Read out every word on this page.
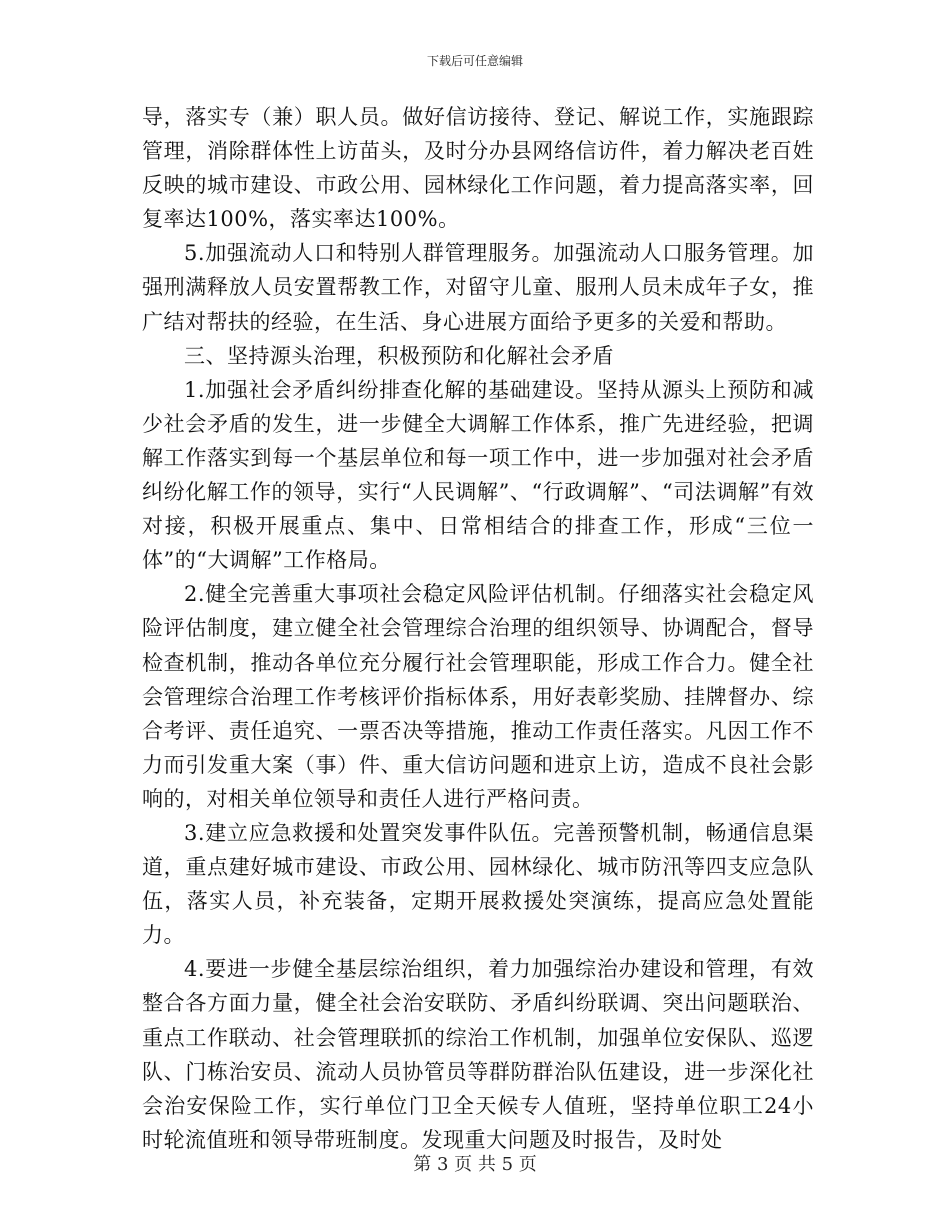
下载后可任意编辑

导，落实专（兼）职人员。做好信访接待、登记、解说工作，实施跟踪管理，消除群体性上访苗头，及时分办县网络信访件，着力解决老百姓反映的城市建设、市政公用、园林绿化工作问题，着力提高落实率，回复率达100%，落实率达100%。

5.加强流动人口和特别人群管理服务。加强流动人口服务管理。加强刑满释放人员安置帮教工作，对留守儿童、服刑人员未成年子女，推广结对帮扶的经验，在生活、身心进展方面给予更多的关爱和帮助。

三、坚持源头治理，积极预防和化解社会矛盾

1.加强社会矛盾纠纷排查化解的基础建设。坚持从源头上预防和减少社会矛盾的发生，进一步健全大调解工作体系，推广先进经验，把调解工作落实到每一个基层单位和每一项工作中，进一步加强对社会矛盾纠纷化解工作的领导，实行“人民调解”、“行政调解”、“司法调解”有效对接，积极开展重点、集中、日常相结合的排查工作，形成“三位一体”的“大调解”工作格局。

2.健全完善重大事项社会稳定风险评估机制。仔细落实社会稳定风险评估制度，建立健全社会管理综合治理的组织领导、协调配合，督导检查机制，推动各单位充分履行社会管理职能，形成工作合力。健全社会管理综合治理工作考核评价指标体系，用好表彰奖励、挂牌督办、综合考评、责任追究、一票否决等措施，推动工作责任落实。凡因工作不力而引发重大案（事）件、重大信访问题和进京上访，造成不良社会影响的，对相关单位领导和责任人进行严格问责。

3.建立应急救援和处置突发事件队伍。完善预警机制，畅通信息渠道，重点建好城市建设、市政公用、园林绿化、城市防汛等四支应急队伍，落实人员，补充装备，定期开展救援处突演练，提高应急处置能力。

4.要进一步健全基层综治组织，着力加强综治办建设和管理，有效整合各方面力量，健全社会治安联防、矛盾纠纷联调、突出问题联治、重点工作联动、社会管理联抓的综治工作机制，加强单位安保队、巡逻队、门栋治安员、流动人员协管员等群防群治队伍建设，进一步深化社会治安保险工作，实行单位门卫全天候专人值班，坚持单位职工24小时轮流值班和领导带班制度。发现重大问题及时报告，及时处

第 3 页 共 5 页
